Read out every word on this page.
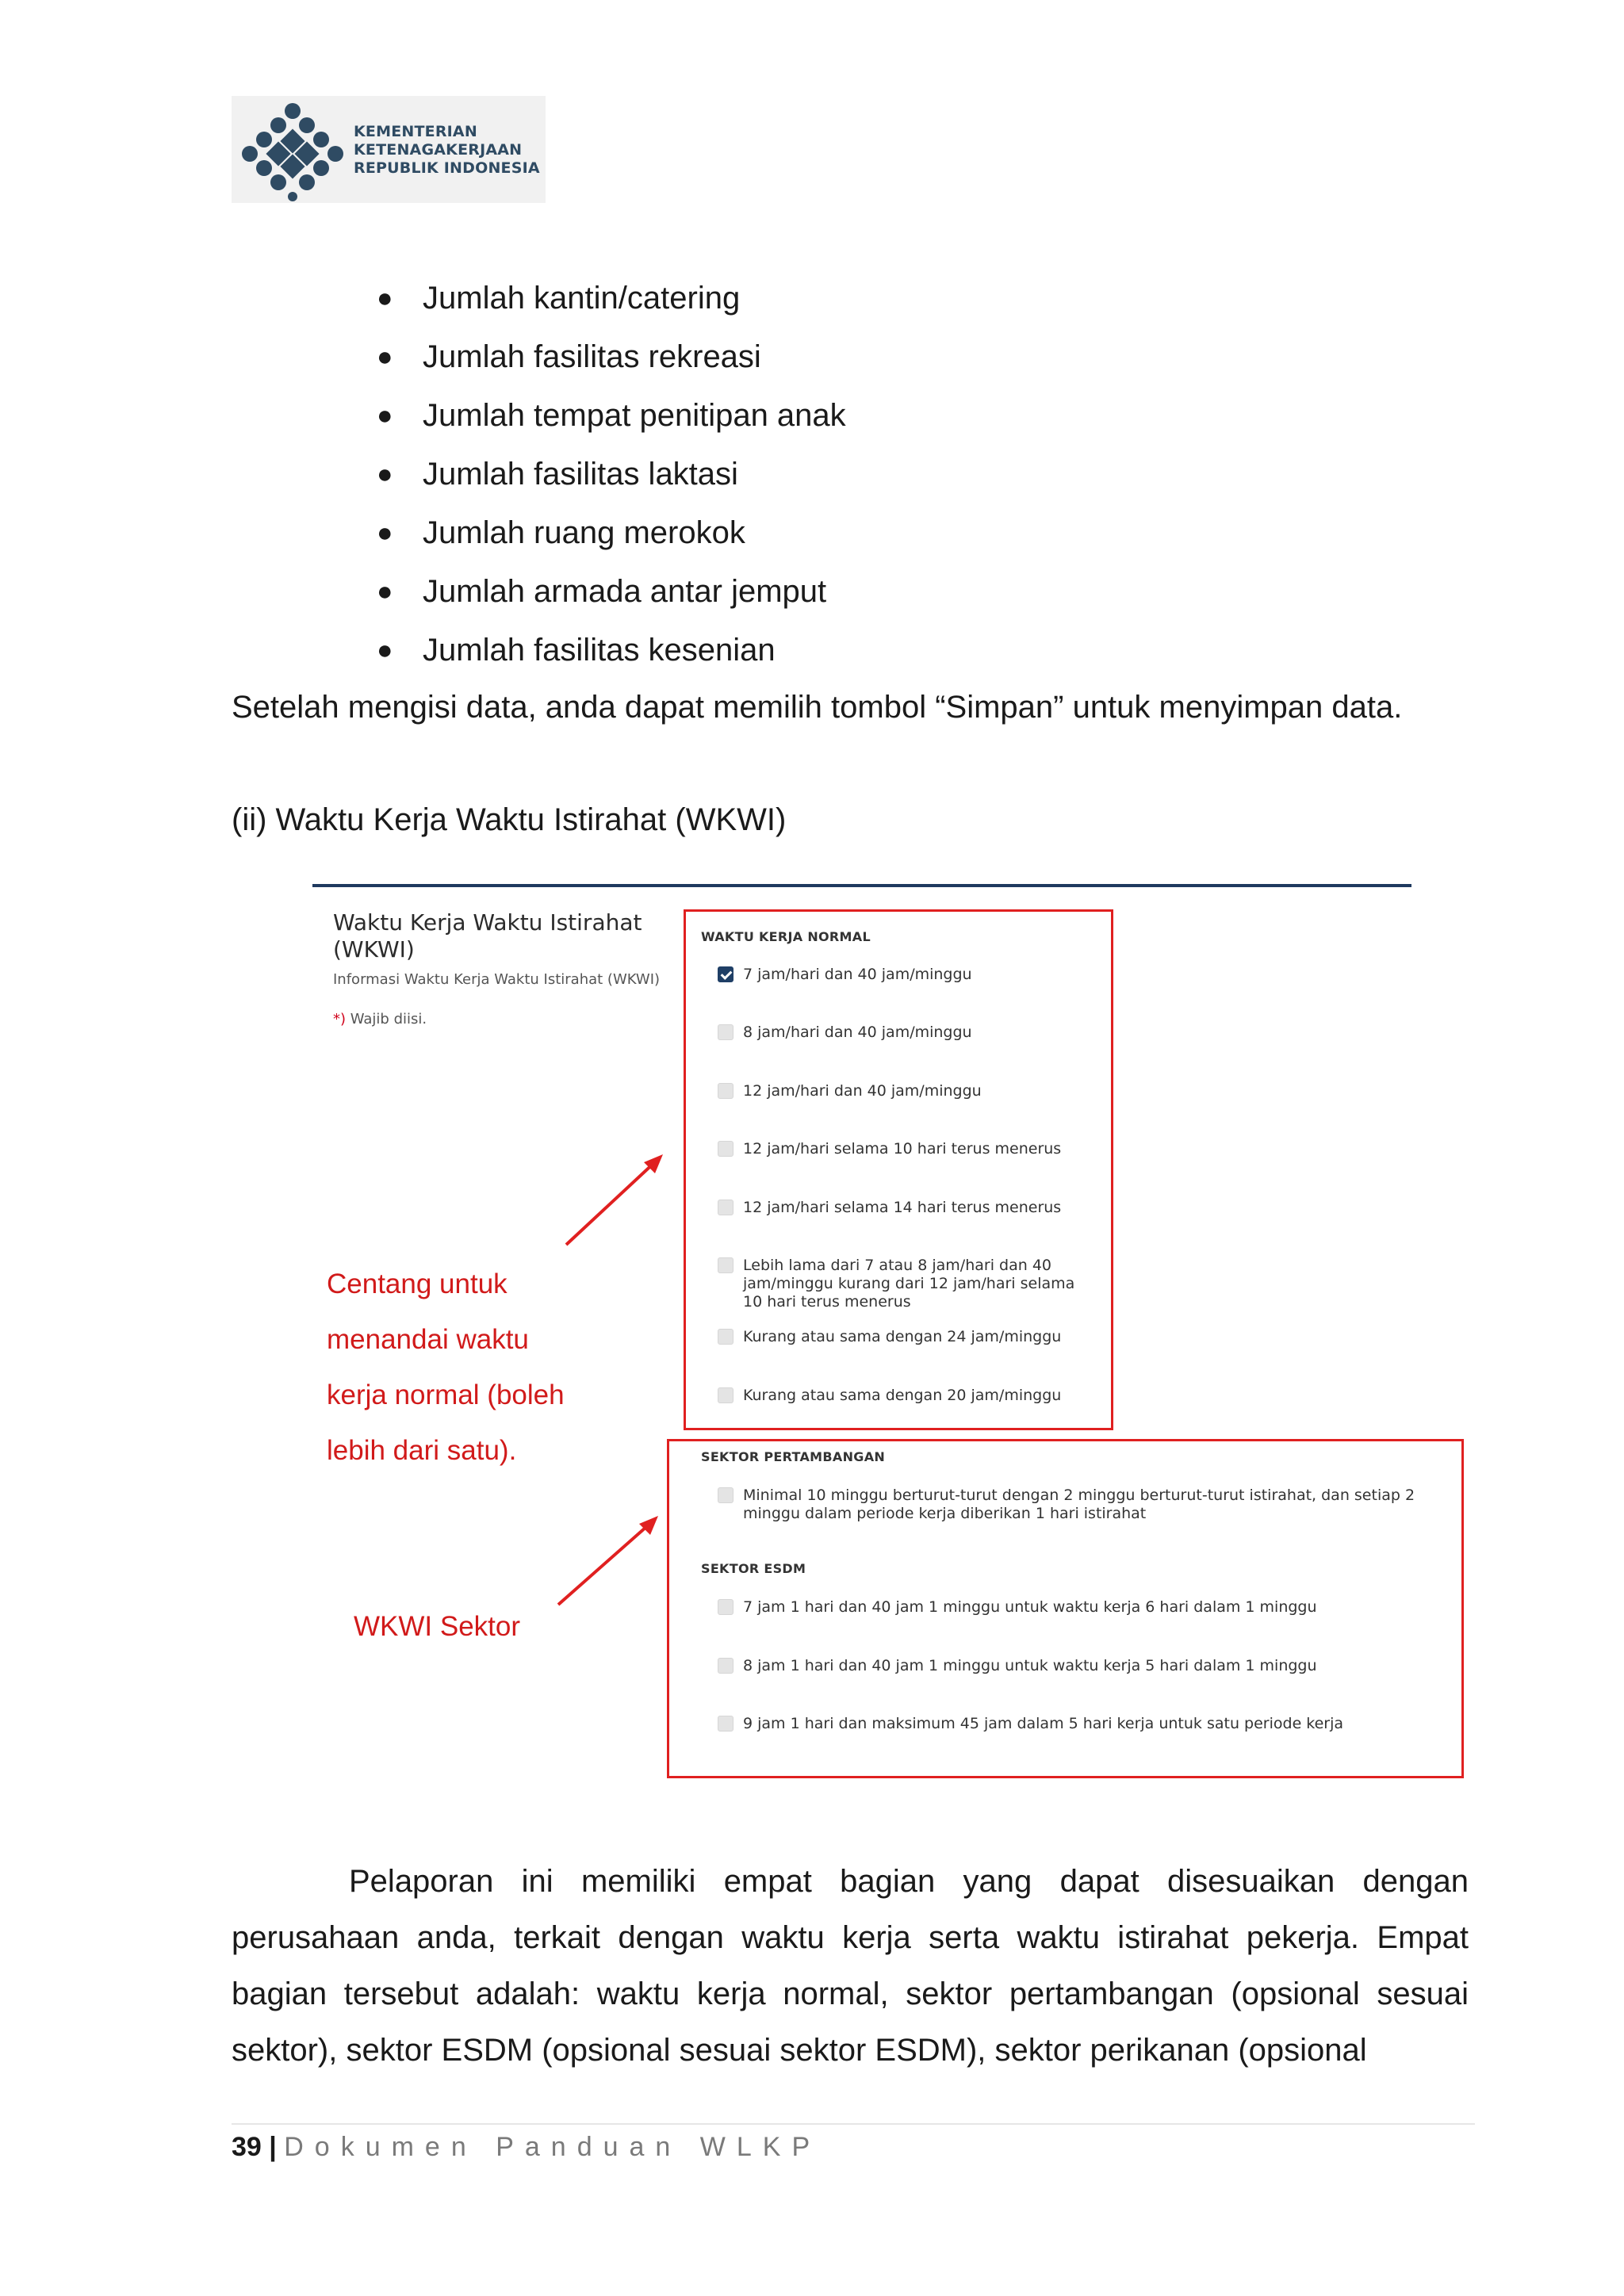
KEMENTERIAN
KETENAGAKERJAAN
REPUBLIK INDONESIA
● Jumlah kantin/catering
● Jumlah fasilitas rekreasi
● Jumlah tempat penitipan anak
● Jumlah fasilitas laktasi
● Jumlah ruang merokok
● Jumlah armada antar jemput
● Jumlah fasilitas kesenian
Setelah mengisi data, anda dapat memilih tombol “Simpan” untuk menyimpan data.
(ii) Waktu Kerja Waktu Istirahat (WKWI)
Waktu Kerja Waktu Istirahat (WKWI)
Informasi Waktu Kerja Waktu Istirahat (WKWI)
*) Wajib diisi.
WAKTU KERJA NORMAL
7 jam/hari dan 40 jam/minggu
8 jam/hari dan 40 jam/minggu
12 jam/hari dan 40 jam/minggu
12 jam/hari selama 10 hari terus menerus
12 jam/hari selama 14 hari terus menerus
Lebih lama dari 7 atau 8 jam/hari dan 40 jam/minggu kurang dari 12 jam/hari selama 10 hari terus menerus
Kurang atau sama dengan 24 jam/minggu
Kurang atau sama dengan 20 jam/minggu
SEKTOR PERTAMBANGAN
Minimal 10 minggu berturut-turut dengan 2 minggu berturut-turut istirahat, dan setiap 2 minggu dalam periode kerja diberikan 1 hari istirahat
SEKTOR ESDM
7 jam 1 hari dan 40 jam 1 minggu untuk waktu kerja 6 hari dalam 1 minggu
8 jam 1 hari dan 40 jam 1 minggu untuk waktu kerja 5 hari dalam 1 minggu
9 jam 1 hari dan maksimum 45 jam dalam 5 hari kerja untuk satu periode kerja
Centang untuk
menandai waktu
kerja normal (boleh
lebih dari satu).
WKWI Sektor
Pelaporan ini memiliki empat bagian yang dapat disesuaikan dengan perusahaan anda, terkait dengan waktu kerja serta waktu istirahat pekerja. Empat bagian tersebut adalah: waktu kerja normal, sektor pertambangan (opsional sesuai sektor), sektor ESDM (opsional sesuai sektor ESDM), sektor perikanan (opsional
39 | Dokumen Panduan WLKP
